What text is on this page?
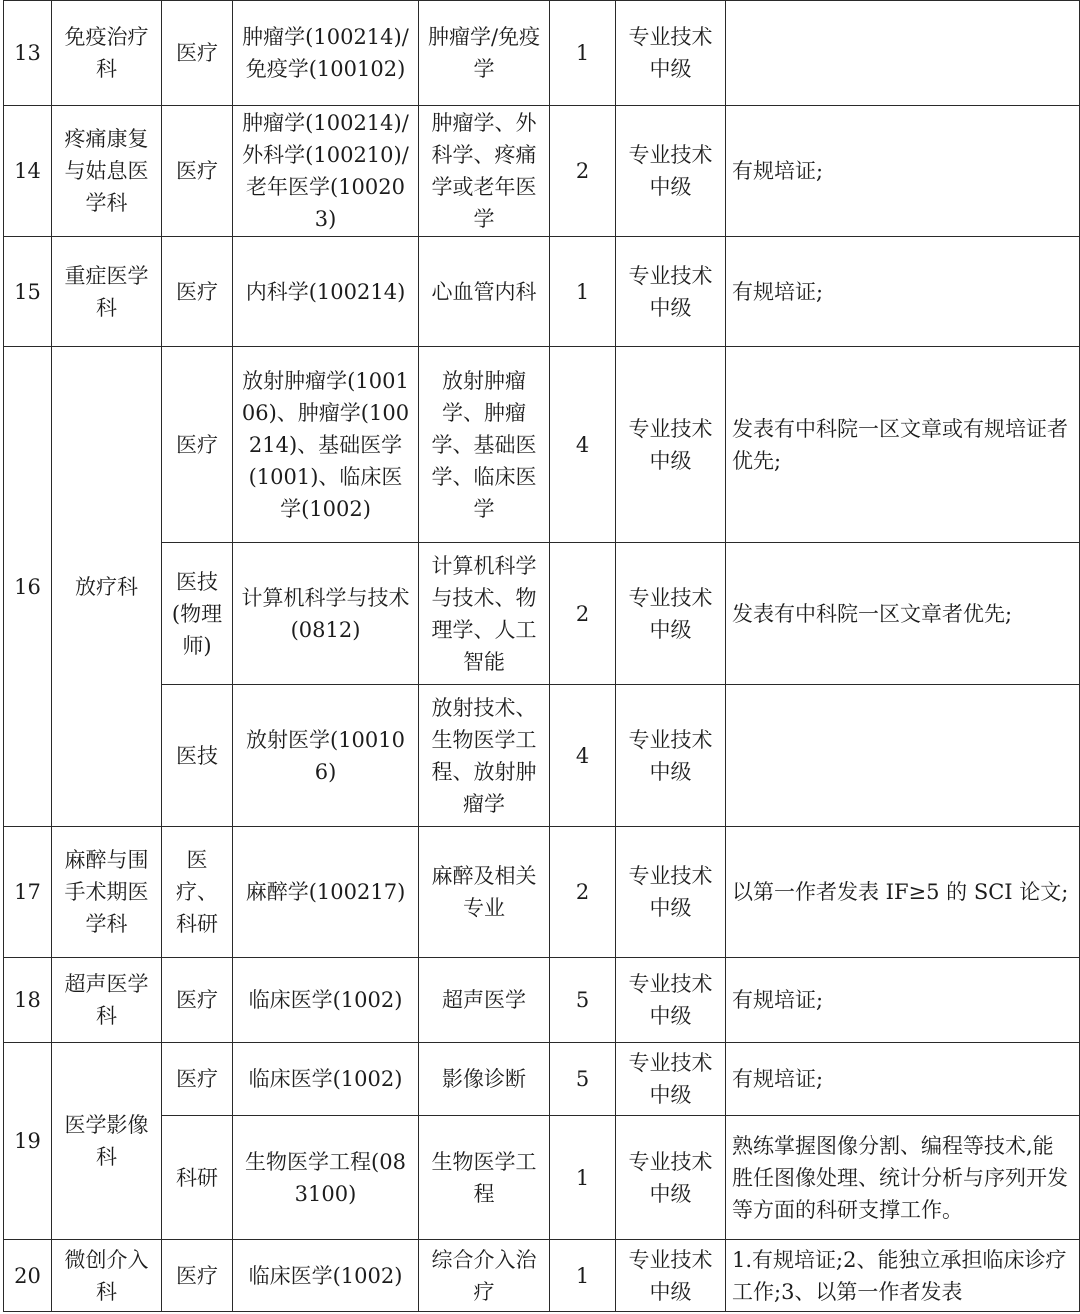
13	免疫治疗科	医疗	肿瘤学(100214)/免疫学(100102)	肿瘤学/免疫学	1	专业技术中级	
14	疼痛康复与姑息医学科	医疗	肿瘤学(100214)/外科学(100210)/老年医学(100203)	肿瘤学、外科学、疼痛学或老年医学	2	专业技术中级	有规培证;
15	重症医学科	医疗	内科学(100214)	心血管内科	1	专业技术中级	有规培证;
16	放疗科	医疗	放射肿瘤学(100106)、肿瘤学(100214)、基础医学(1001)、临床医学(1002)	放射肿瘤学、肿瘤学、基础医学、临床医学	4	专业技术中级	发表有中科院一区文章或有规培证者优先;
		医技(物理师)	计算机科学与技术(0812)	计算机科学与技术、物理学、人工智能	2	专业技术中级	发表有中科院一区文章者优先;
		医技	放射医学(100106)	放射技术、生物医学工程、放射肿瘤学	4	专业技术中级	
17	麻醉与围手术期医学科	医疗、科研	麻醉学(100217)	麻醉及相关专业	2	专业技术中级	以第一作者发表 IF≥5 的 SCI 论文;
18	超声医学科	医疗	临床医学(1002)	超声医学	5	专业技术中级	有规培证;
19	医学影像科	医疗	临床医学(1002)	影像诊断	5	专业技术中级	有规培证;
		科研	生物医学工程(083100)	生物医学工程	1	专业技术中级	熟练掌握图像分割、编程等技术,能胜任图像处理、统计分析与序列开发等方面的科研支撑工作。
20	微创介入科	医疗	临床医学(1002)	综合介入治疗	1	专业技术中级	1.有规培证;2、能独立承担临床诊疗工作;3、以第一作者发表
